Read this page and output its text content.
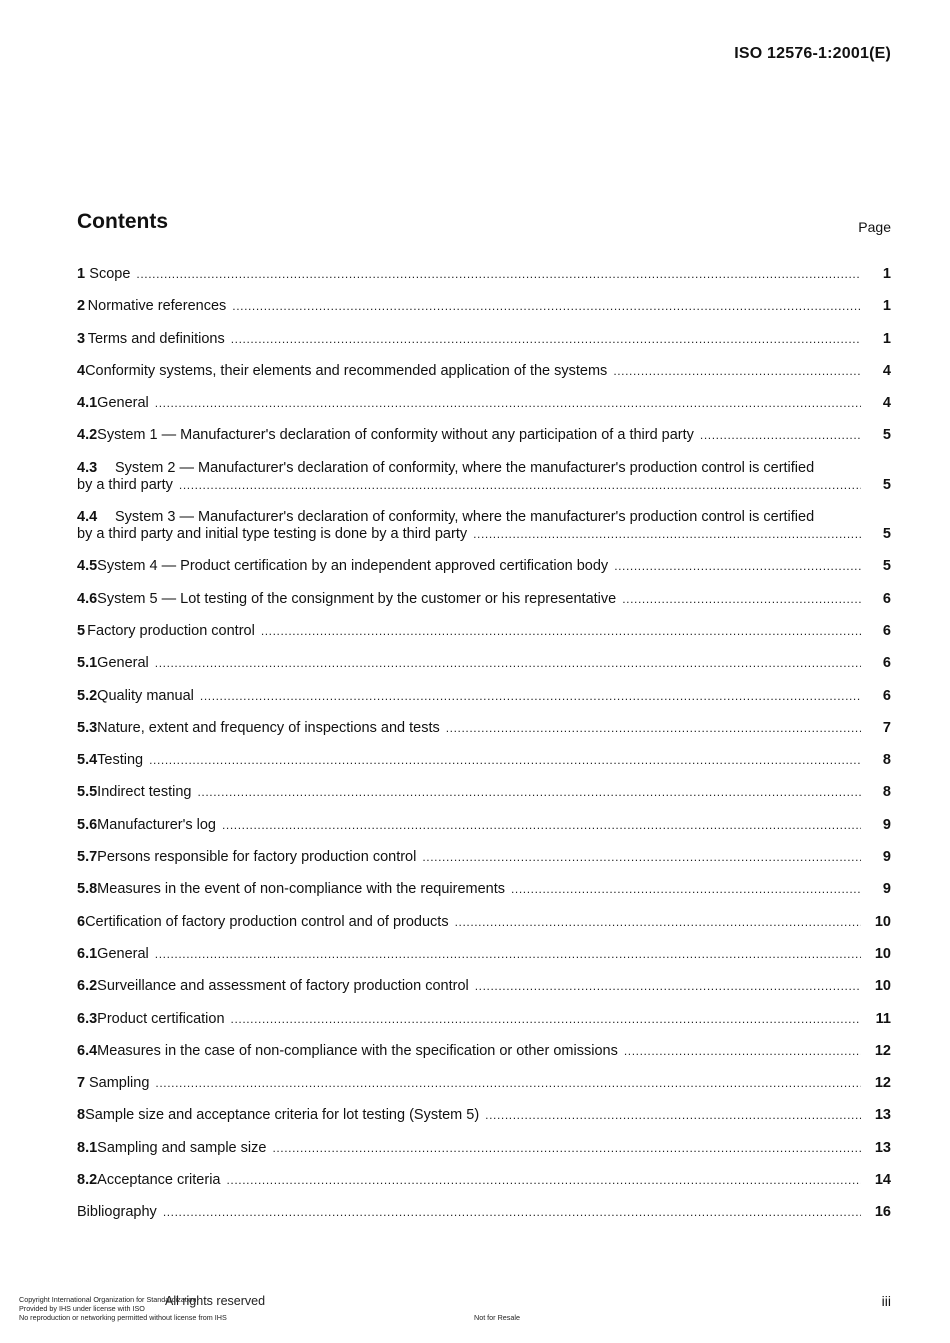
ISO 12576-1:2001(E)
Contents	Page
1 Scope .....	1
2 Normative references .....	1
3 Terms and definitions .....	1
4 Conformity systems, their elements and recommended application of the systems .....	4
4.1 General .....	4
4.2 System 1 — Manufacturer's declaration of conformity without any participation of a third party .....	5
4.3 System 2 — Manufacturer's declaration of conformity, where the manufacturer's production control is certified
by a third party .....	5
4.4 System 3 — Manufacturer's declaration of conformity, where the manufacturer's production control is certified
by a third party and initial type testing is done by a third party .....	5
4.5 System 4 — Product certification by an independent approved certification body .....	5
4.6 System 5 — Lot testing of the consignment by the customer or his representative .....	6
5 Factory production control .....	6
5.1 General .....	6
5.2 Quality manual .....	6
5.3 Nature, extent and frequency of inspections and tests .....	7
5.4 Testing .....	8
5.5 Indirect testing .....	8
5.6 Manufacturer's log .....	9
5.7 Persons responsible for factory production control .....	9
5.8 Measures in the event of non-compliance with the requirements .....	9
6 Certification of factory production control and of products .....	10
6.1 General .....	10
6.2 Surveillance and assessment of factory production control .....	10
6.3 Product certification .....	11
6.4 Measures in the case of non-compliance with the specification or other omissions .....	12
7 Sampling .....	12
8 Sample size and acceptance criteria for lot testing (System 5) .....	13
8.1 Sampling and sample size .....	13
8.2 Acceptance criteria .....	14
Bibliography .....	16
Copyright International Organization for Standardization
Provided by IHS under license with ISO
No reproduction or networking permitted without license from IHS
All rights reserved
Not for Resale
iii
